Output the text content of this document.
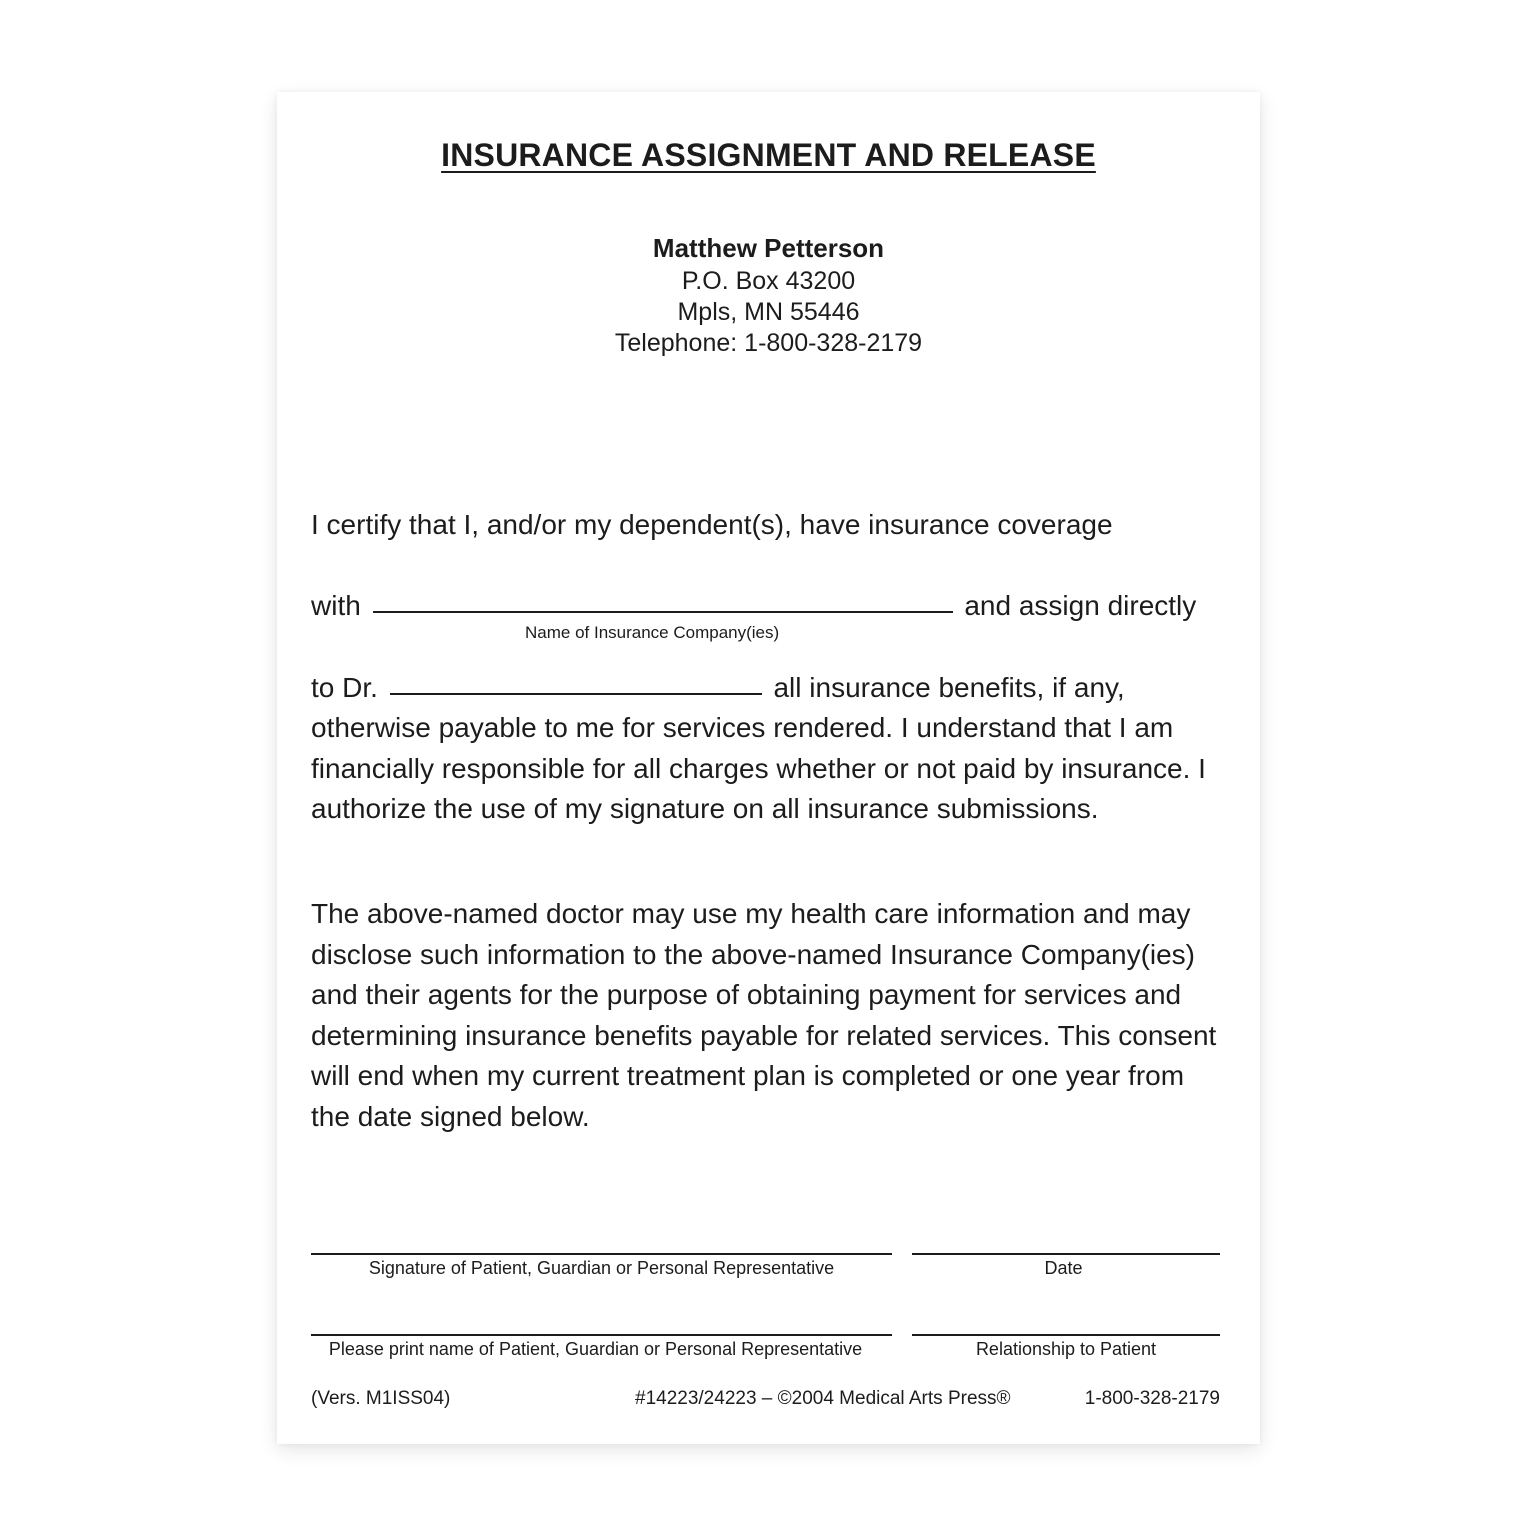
INSURANCE ASSIGNMENT AND RELEASE
Matthew Petterson
P.O. Box 43200
Mpls, MN 55446
Telephone: 1-800-328-2179
I certify that I, and/or my dependent(s), have insurance coverage
with	and assign directly
Name of Insurance Company(ies)
to Dr.	all insurance benefits, if any,
otherwise payable to me for services rendered. I understand that I am financially responsible for all charges whether or not paid by insurance. I authorize the use of my signature on all insurance submissions.
The above-named doctor may use my health care information and may disclose such information to the above-named Insurance Company(ies) and their agents for the purpose of obtaining payment for services and determining insurance benefits payable for related services. This consent will end when my current treatment plan is completed or one year from the date signed below.
Signature of Patient, Guardian or Personal Representative	Date
Please print name of Patient, Guardian or Personal Representative	Relationship to Patient
(Vers. M1ISS04)	#14223/24223 – ©2004 Medical Arts Press®	1-800-328-2179
